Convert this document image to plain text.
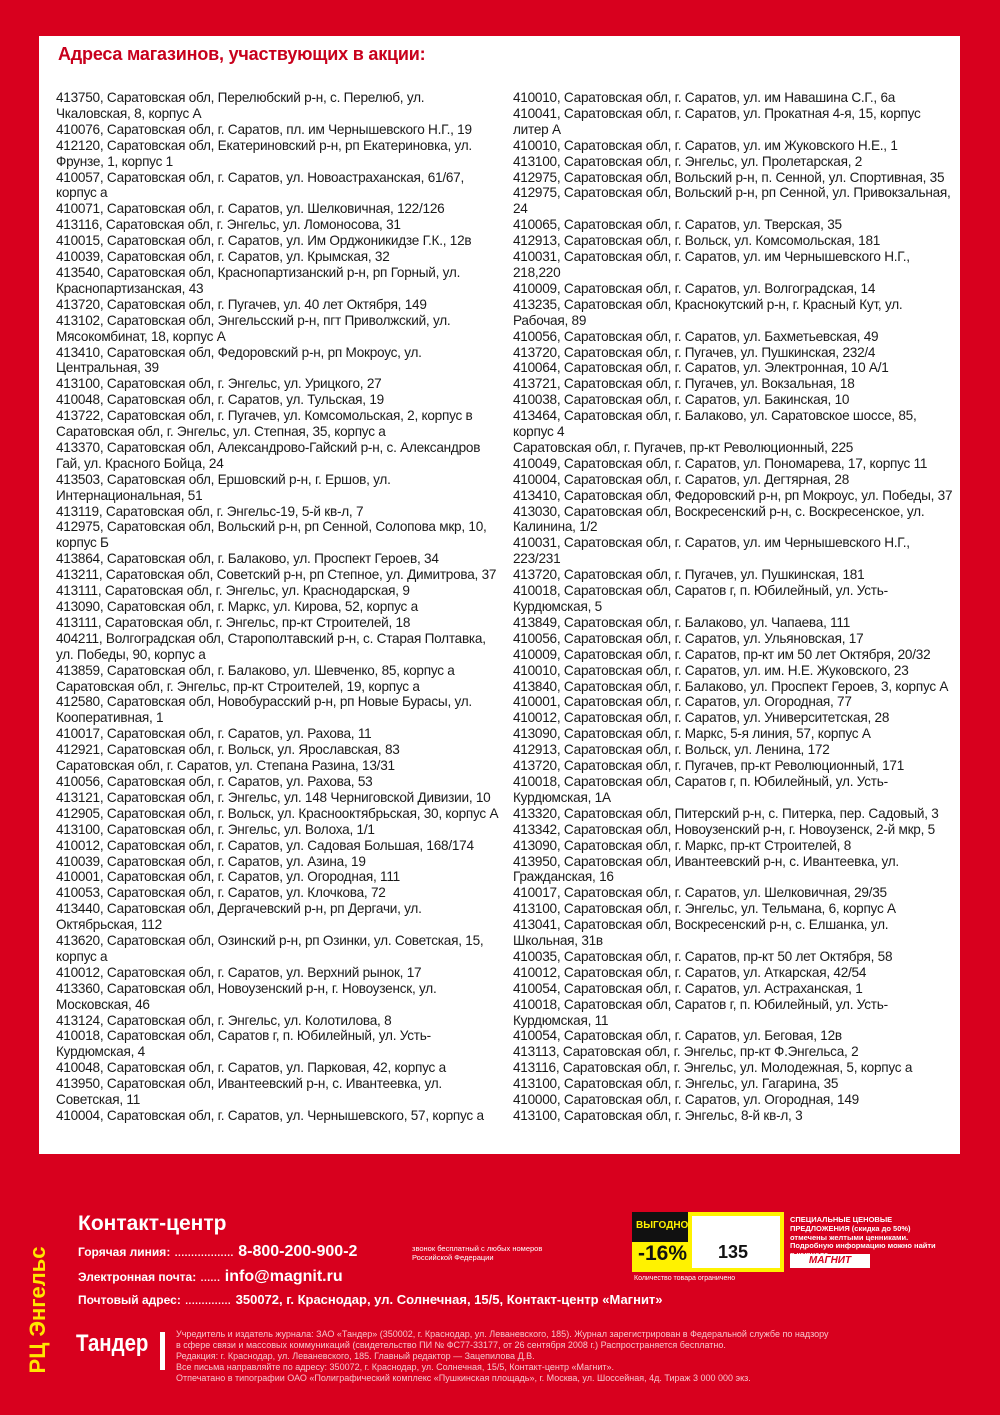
Адреса магазинов, участвующих в акции:

413750, Саратовская обл, Перелюбский р-н, с. Перелюб, ул. Чкаловская, 8, корпус А

410076, Саратовская обл, г. Саратов, пл. им Чернышевского Н.Г., 19

412120, Саратовская обл, Екатериновский р-н, рп Екатериновка, ул. Фрунзе, 1, корпус 1

410057, Саратовская обл, г. Саратов, ул. Новоастраханская, 61/67, корпус а

410071, Саратовская обл, г. Саратов, ул. Шелковичная, 122/126

413116, Саратовская обл, г. Энгельс, ул. Ломоносова, 31

410015, Саратовская обл, г. Саратов, ул. Им Орджоникидзе Г.К., 12в

410039, Саратовская обл, г. Саратов, ул. Крымская, 32

413540, Саратовская обл, Краснопартизанский р-н, рп Горный, ул. Краснопартизанская, 43

413720, Саратовская обл, г. Пугачев, ул. 40 лет Октября, 149

413102, Саратовская обл, Энгельсский р-н, пгт Приволжский, ул. Мясокомбинат, 18, корпус А

413410, Саратовская обл, Федоровский р-н, рп Мокроус, ул. Центральная, 39

413100, Саратовская обл, г. Энгельс, ул. Урицкого, 27

410048, Саратовская обл, г. Саратов, ул. Тульская, 19

413722, Саратовская обл, г. Пугачев, ул. Комсомольская, 2, корпус в

Саратовская обл, г. Энгельс, ул. Степная, 35, корпус а

413370, Саратовская обл, Александрово-Гайский р-н, с. Александров Гай, ул. Красного Бойца, 24

413503, Саратовская обл, Ершовский р-н, г. Ершов, ул. Интернациональная, 51

413119, Саратовская обл, г. Энгельс-19, 5-й кв-л, 7

412975, Саратовская обл, Вольский р-н, рп Сенной, Солопова мкр, 10, корпус Б

413864, Саратовская обл, г. Балаково, ул. Проспект Героев, 34

413211, Саратовская обл, Советский р-н, рп Степное, ул. Димитрова, 37

413111, Саратовская обл, г. Энгельс, ул. Краснодарская, 9

413090, Саратовская обл, г. Маркс, ул. Кирова, 52, корпус а

413111, Саратовская обл, г. Энгельс, пр-кт Строителей, 18

404211, Волгоградская обл, Старополтавский р-н, с. Старая Полтавка, ул. Победы, 90, корпус а

413859, Саратовская обл, г. Балаково, ул. Шевченко, 85, корпус а

Саратовская обл, г. Энгельс, пр-кт Строителей, 19, корпус а

412580, Саратовская обл, Новобурасский р-н, рп Новые Бурасы, ул. Кооперативная, 1

410017, Саратовская обл, г. Саратов, ул. Рахова, 11

412921, Саратовская обл, г. Вольск, ул. Ярославская, 83

Саратовская обл, г. Саратов, ул. Степана Разина, 13/31

410056, Саратовская обл, г. Саратов, ул. Рахова, 53

413121, Саратовская обл, г. Энгельс, ул. 148 Черниговской Дивизии, 10

412905, Саратовская обл, г. Вольск, ул. Краснооктябрьская, 30, корпус А

413100, Саратовская обл, г. Энгельс, ул. Волоха, 1/1

410012, Саратовская обл, г. Саратов, ул. Садовая Большая, 168/174

410039, Саратовская обл, г. Саратов, ул. Азина, 19

410001, Саратовская обл, г. Саратов, ул. Огородная, 111

410053, Саратовская обл, г. Саратов, ул. Клочкова, 72

413440, Саратовская обл, Дергачевский р-н, рп Дергачи, ул. Октябрьская, 112

413620, Саратовская обл, Озинский р-н, рп Озинки, ул. Советская, 15, корпус а

410012, Саратовская обл, г. Саратов, ул. Верхний рынок, 17

413360, Саратовская обл, Новоузенский р-н, г. Новоузенск, ул. Московская, 46

413124, Саратовская обл, г. Энгельс, ул. Колотилова, 8

410018, Саратовская обл, Саратов г, п. Юбилейный, ул. Усть-Курдюмская, 4

410048, Саратовская обл, г. Саратов, ул. Парковая, 42, корпус а

413950, Саратовская обл, Ивантеевский р-н, с. Ивантеевка, ул. Советская, 11

410004, Саратовская обл, г. Саратов, ул. Чернышевского, 57, корпус а

410010, Саратовская обл, г. Саратов, ул. им Навашина С.Г., 6а

410041, Саратовская обл, г. Саратов, ул. Прокатная 4-я, 15, корпус литер А

410010, Саратовская обл, г. Саратов, ул. им Жуковского Н.Е., 1

413100, Саратовская обл, г. Энгельс, ул. Пролетарская, 2

412975, Саратовская обл, Вольский р-н, п. Сенной, ул. Спортивная, 35

412975, Саратовская обл, Вольский р-н, рп Сенной, ул. Привокзальная, 24

410065, Саратовская обл, г. Саратов, ул. Тверская, 35

412913, Саратовская обл, г. Вольск, ул. Комсомольская, 181

410031, Саратовская обл, г. Саратов, ул. им Чернышевского Н.Г., 218,220

410009, Саратовская обл, г. Саратов, ул. Волгоградская, 14

413235, Саратовская обл, Краснокутский р-н, г. Красный Кут, ул. Рабочая, 89

410056, Саратовская обл, г. Саратов, ул. Бахметьевская, 49

413720, Саратовская обл, г. Пугачев, ул. Пушкинская, 232/4

410064, Саратовская обл, г. Саратов, ул. Электронная, 10 А/1

413721, Саратовская обл, г. Пугачев, ул. Вокзальная, 18

410038, Саратовская обл, г. Саратов, ул. Бакинская, 10

413464, Саратовская обл, г. Балаково, ул. Саратовское шоссе, 85, корпус 4

Саратовская обл, г. Пугачев, пр-кт Революционный, 225

410049, Саратовская обл, г. Саратов, ул. Пономарева, 17, корпус 11

410004, Саратовская обл, г. Саратов, ул. Дегтярная, 28

413410, Саратовская обл, Федоровский р-н, рп Мокроус, ул. Победы, 37

413030, Саратовская обл, Воскресенский р-н, с. Воскресенское, ул. Калинина, 1/2

410031, Саратовская обл, г. Саратов, ул. им Чернышевского Н.Г., 223/231

413720, Саратовская обл, г. Пугачев, ул. Пушкинская, 181

410018, Саратовская обл, Саратов г, п. Юбилейный, ул. Усть-Курдюмская, 5

413849, Саратовская обл, г. Балаково, ул. Чапаева, 111

410056, Саратовская обл, г. Саратов, ул. Ульяновская, 17

410009, Саратовская обл, г. Саратов, пр-кт им 50 лет Октября, 20/32

410010, Саратовская обл, г. Саратов, ул. им. Н.Е. Жуковского, 23

413840, Саратовская обл, г. Балаково, ул. Проспект Героев, 3, корпус А

410001, Саратовская обл, г. Саратов, ул. Огородная, 77

410012, Саратовская обл, г. Саратов, ул. Университетская, 28

413090, Саратовская обл, г. Маркс, 5-я линия, 57, корпус А

412913, Саратовская обл, г. Вольск, ул. Ленина, 172

413720, Саратовская обл, г. Пугачев, пр-кт Революционный, 171

410018, Саратовская обл, Саратов г, п. Юбилейный, ул. Усть-Курдюмская, 1А

413320, Саратовская обл, Питерский р-н, с. Питерка, пер. Садовый, 3

413342, Саратовская обл, Новоузенский р-н, г. Новоузенск, 2-й мкр, 5

413090, Саратовская обл, г. Маркс, пр-кт Строителей, 8

413950, Саратовская обл, Ивантеевский р-н, с. Ивантеевка, ул. Гражданская, 16

410017, Саратовская обл, г. Саратов, ул. Шелковичная, 29/35

413100, Саратовская обл, г. Энгельс, ул. Тельмана, 6, корпус А

413041, Саратовская обл, Воскресенский р-н, с. Елшанка, ул. Школьная, 31в

410035, Саратовская обл, г. Саратов, пр-кт 50 лет Октября, 58

410012, Саратовская обл, г. Саратов, ул. Аткарская, 42/54

410054, Саратовская обл, г. Саратов, ул. Астраханская, 1

410018, Саратовская обл, Саратов г, п. Юбилейный, ул. Усть-Курдюмская, 11

410054, Саратовская обл, г. Саратов, ул. Беговая, 12в

413113, Саратовская обл, г. Энгельс, пр-кт Ф.Энгельса, 2

413116, Саратовская обл, г. Энгельс, ул. Молодежная, 5, корпус а

413100, Саратовская обл, г. Энгельс, ул. Гагарина, 35

410000, Саратовская обл, г. Саратов, ул. Огородная, 149

413100, Саратовская обл, г. Энгельс, 8-й кв-л, 3

РЦ Энгельс
Контакт-центр
Горячая линия: .................. 8-800-200-900-2	звонок бесплатный с любых номеров Российской Федерации
Электронная почта: ...... info@magnit.ru
Почтовый адрес: .............. 350072, г. Краснодар, ул. Солнечная, 15/5, Контакт-центр «Магнит»
ВЫГОДНО
-16% 135
Количество товара ограничено
СПЕЦИАЛЬНЫЕ ЦЕНОВЫЕ ПРЕДЛОЖЕНИЯ (скидка до 50%) отмечены желтыми ценниками. Подробную информацию можно найти
МАГНИТ
Тандер	Учредитель и издатель журнала: ЗАО «Тандер» (350002, г. Краснодар, ул. Леваневского, 185). Журнал зарегистрирован в Федеральной службе по надзору

в сфере связи и массовых коммуникаций (свидетельство ПИ № ФС77-33177, от 26 сентября 2008 г.) Распространяется бесплатно.

Редакция: г. Краснодар, ул. Леваневского, 185. Главный редактор — Зацепилова Д.В.

Все письма направляйте по адресу: 350072, г. Краснодар, ул. Солнечная, 15/5, Контакт-центр «Магнит».

Отпечатано в типографии ОАО «Полиграфический комплекс «Пушкинская площадь», г. Москва, ул. Шоссейная, 4д. Тираж 3 000 000 экз.
